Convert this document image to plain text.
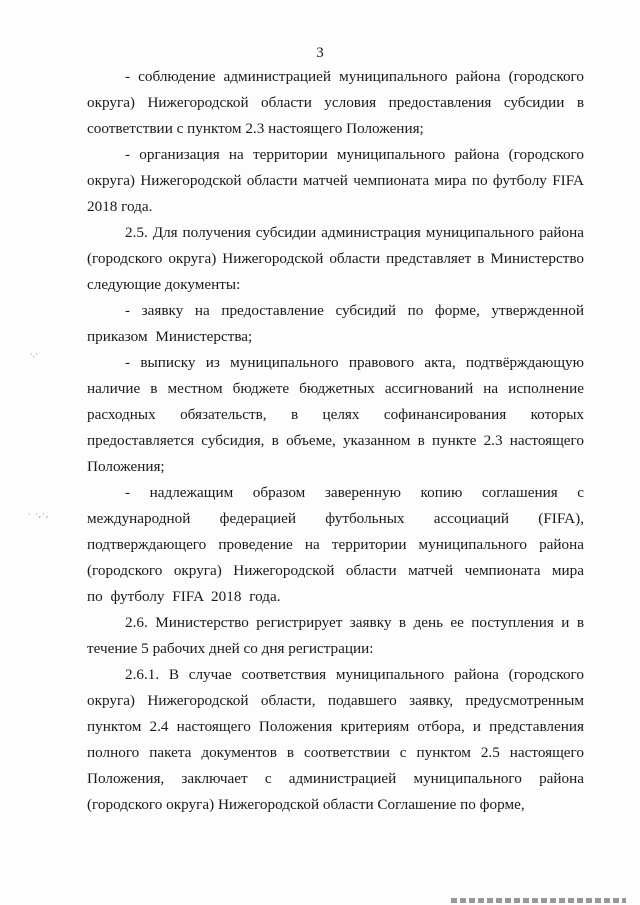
3

- соблюдение администрацией муниципального района (городского округа) Нижегородской области условия предоставления субсидии в соответствии с пунктом 2.3 настоящего Положения;

- организация на территории муниципального района (городского округа) Нижегородской области матчей чемпионата мира по футболу FIFA 2018 года.

2.5. Для получения субсидии администрация муниципального района (городского округа) Нижегородской области представляет в Министерство следующие документы:

- заявку на предоставление субсидий по форме, утвержденной приказом Министерства;

- выписку из муниципального правового акта, подтвёрждающую наличие в местном бюджете бюджетных ассигнований на исполнение расходных обязательств, в целях софинансирования которых предоставляется субсидия, в объеме, указанном в пункте 2.3 настоящего Положения;

- надлежащим образом заверенную копию соглашения с международной федерацией футбольных ассоциаций (FIFA), подтверждающего проведение на территории муниципального района (городского округа) Нижегородской области матчей чемпионата мира по футболу FIFA 2018 года.

2.6. Министерство регистрирует заявку в день ее поступления и в течение 5 рабочих дней со дня регистрации:

2.6.1. В случае соответствия муниципального района (городского округа) Нижегородской области, подавшего заявку, предусмотренным пунктом 2.4 настоящего Положения критериям отбора, и представления полного пакета документов в соответствии с пунктом 2.5 настоящего Положения, заключает с администрацией муниципального района (городского округа) Нижегородской области Соглашение по форме,

·.·
· ·,·,
